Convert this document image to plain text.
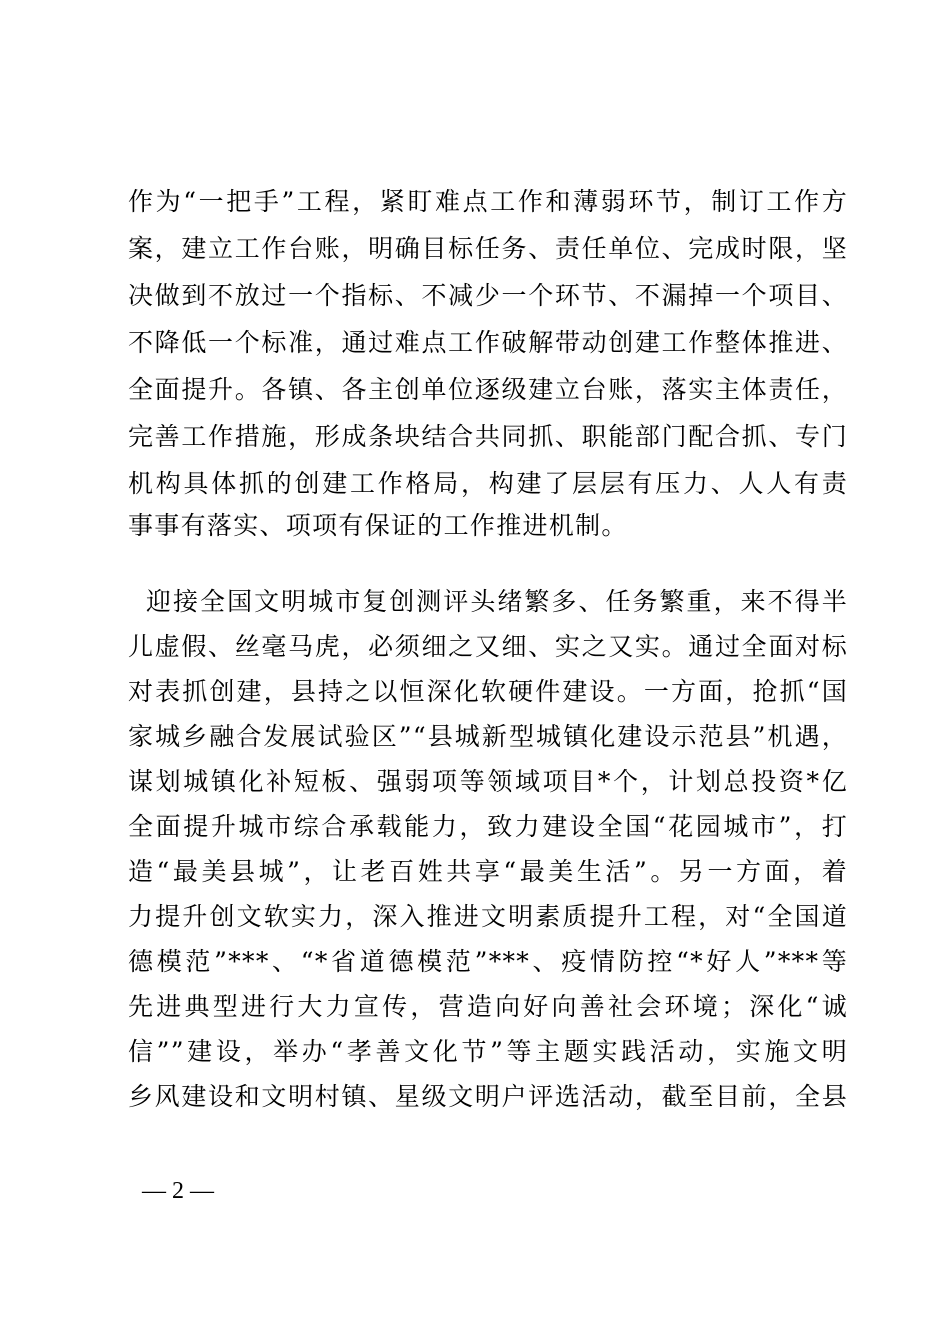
作为“一把手”工程，紧盯难点工作和薄弱环节，制订工作方
案，建立工作台账，明确目标任务、责任单位、完成时限，坚
决做到不放过一个指标、不减少一个环节、不漏掉一个项目、
不降低一个标准，通过难点工作破解带动创建工作整体推进、
全面提升。各镇、各主创单位逐级建立台账，落实主体责任，
完善工作措施，形成条块结合共同抓、职能部门配合抓、专门
机构具体抓的创建工作格局，构建了层层有压力、人人有责
事事有落实、项项有保证的工作推进机制。
迎接全国文明城市复创测评头绪繁多、任务繁重，来不得半
儿虚假、丝毫马虎，必须细之又细、实之又实。通过全面对标
对表抓创建，县持之以恒深化软硬件建设。一方面，抢抓“国
家城乡融合发展试验区”“县城新型城镇化建设示范县”机遇，
谋划城镇化补短板、强弱项等领域项目*个，计划总投资*亿
全面提升城市综合承载能力，致力建设全国“花园城市”，打
造“最美县城”，让老百姓共享“最美生活”。另一方面，着
力提升创文软实力，深入推进文明素质提升工程，对“全国道
德模范”***、“*省道德模范”***、疫情防控“*好人”***等
先进典型进行大力宣传，营造向好向善社会环境；深化“诚
信””建设，举办“孝善文化节”等主题实践活动，实施文明
乡风建设和文明村镇、星级文明户评选活动，截至目前，全县
— 2 —
